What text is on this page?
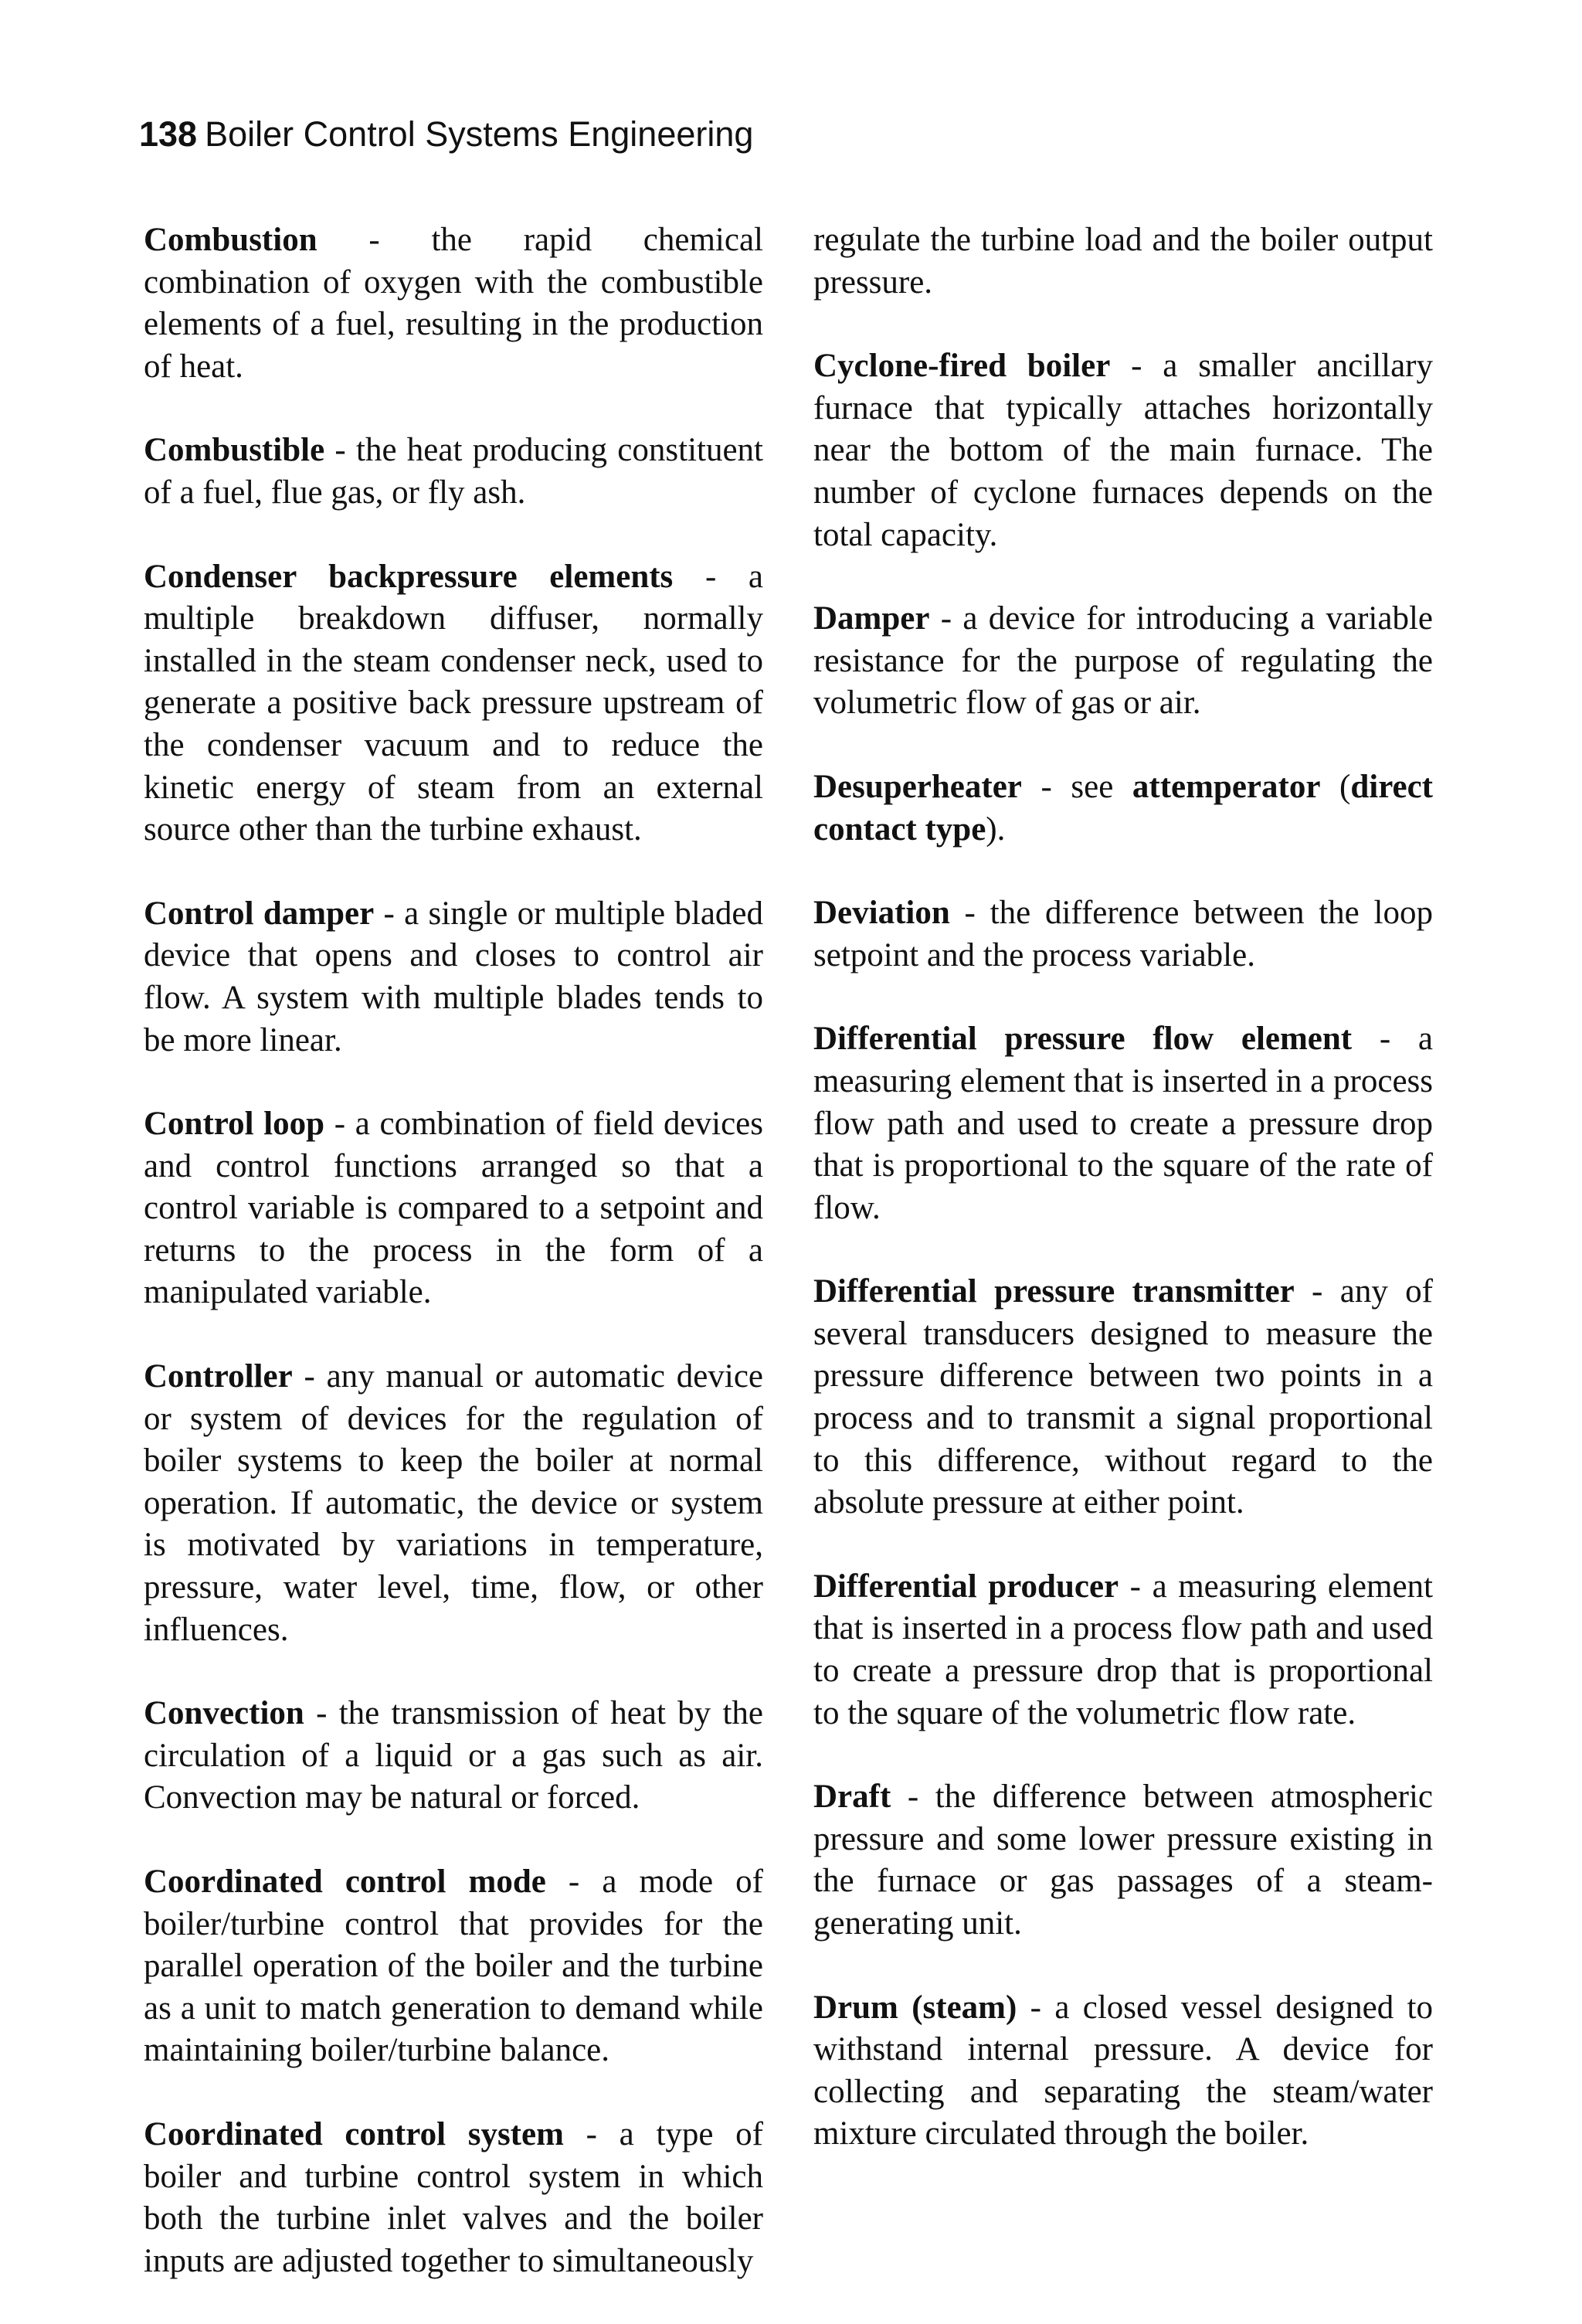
138 Boiler Control Systems Engineering

Combustion - the rapid chemical combination of oxygen with the combustible elements of a fuel, resulting in the production of heat.

Combustible - the heat producing constituent of a fuel, flue gas, or fly ash.

Condenser backpressure elements - a multiple breakdown diffuser, normally installed in the steam condenser neck, used to generate a positive back pressure upstream of the condenser vacuum and to reduce the kinetic energy of steam from an external source other than the turbine exhaust.

Control damper - a single or multiple bladed device that opens and closes to control air flow. A system with multiple blades tends to be more linear.

Control loop - a combination of field devices and control functions arranged so that a control variable is compared to a setpoint and returns to the process in the form of a manipulated variable.

Controller - any manual or automatic device or system of devices for the regulation of boiler systems to keep the boiler at normal operation. If automatic, the device or system is motivated by variations in temperature, pressure, water level, time, flow, or other influences.

Convection - the transmission of heat by the circulation of a liquid or a gas such as air. Convection may be natural or forced.

Coordinated control mode - a mode of boiler/turbine control that provides for the parallel operation of the boiler and the turbine as a unit to match generation to demand while maintaining boiler/turbine balance.

Coordinated control system - a type of boiler and turbine control system in which both the turbine inlet valves and the boiler inputs are adjusted together to simultaneously

regulate the turbine load and the boiler output pressure.

Cyclone-fired boiler - a smaller ancillary furnace that typically attaches horizontally near the bottom of the main furnace. The number of cyclone furnaces depends on the total capacity.

Damper - a device for introducing a variable resistance for the purpose of regulating the volumetric flow of gas or air.

Desuperheater - see attemperator (direct contact type).

Deviation - the difference between the loop setpoint and the process variable.

Differential pressure flow element - a measuring element that is inserted in a process flow path and used to create a pressure drop that is proportional to the square of the rate of flow.

Differential pressure transmitter - any of several transducers designed to measure the pressure difference between two points in a process and to transmit a signal proportional to this difference, without regard to the absolute pressure at either point.

Differential producer - a measuring element that is inserted in a process flow path and used to create a pressure drop that is proportional to the square of the volumetric flow rate.

Draft - the difference between atmospheric pressure and some lower pressure existing in the furnace or gas passages of a steam-generating unit.

Drum (steam) - a closed vessel designed to withstand internal pressure. A device for collecting and separating the steam/water mixture circulated through the boiler.
